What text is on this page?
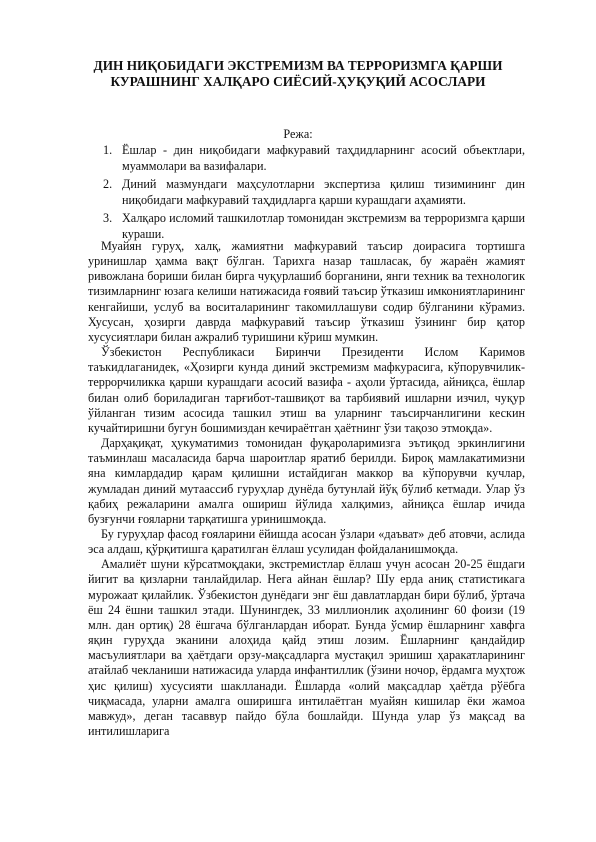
ДИН НИҚОБИДАГИ ЭКСТРЕМИЗМ ВА ТЕРРОРИЗМГА ҚАРШИ КУРАШНИНГ ХАЛҚАРО СИЁСИЙ-ҲУҚУҚИЙ АСОСЛАРИ
Режа:
1. Ёшлар - дин ниқобидаги мафкуравий таҳдидларнинг асосий объектлари, муаммолари ва вазифалари.
2. Диний мазмундаги маҳсулотларни экспертиза қилиш тизимининг дин ниқобидаги мафкуравий таҳдидларга қарши курашдаги аҳамияти.
3. Халқаро исломий ташкилотлар томонидан экстремизм ва терроризмга қарши кураши.

Муайян гуруҳ, халқ, жамиятни мафкуравий таъсир доирасига тортишга уринишлар ҳамма вақт бўлган. Тарихга назар ташласак, бу жараён жамият ривожлана бориши билан бирга чуқурлашиб борганини, янги техник ва технологик тизимларнинг юзага келиши натижасида ғоявий таъсир ўтказиш имкониятларининг кенгайиши, услуб ва воситаларининг такомиллашуви содир бўлганини кўрамиз. Хусусан, ҳозирги даврда мафкуравий таъсир ўтказиш ўзининг бир қатор хусусиятлари билан ажралиб туришини кўриш мумкин.

Ўзбекистон Республикаси Биринчи Президенти Ислом Каримов таъкидлаганидек, «Ҳозирги кунда диний экстремизм мафкурасига, кўпорувчилик-террорчиликка қарши курашдаги асосий вазифа - аҳоли ўртасида, айниқса, ёшлар билан олиб бориладиган тарғибот-ташвиқот ва тарбиявий ишларни изчил, чуқур ўйланган тизим асосида ташкил этиш ва уларнинг таъсирчанлигини кескин кучайтиришни бугун бошимиздан кечираётган ҳаётнинг ўзи тақозо этмоқда».

Дарҳақиқат, ҳукуматимиз томонидан фуқароларимизга эътиқод эркинлигини таъминлаш масаласида барча шароитлар яратиб берилди. Бироқ мамлакатимизни яна кимлардадир қарам қилишни истайдиган маккор ва кўпорувчи кучлар, жумладан диний мутаассиб гуруҳлар дунёда бутунлай йўқ бўлиб кетмади. Улар ўз қабиҳ режаларини амалга ошириш йўлида халқимиз, айниқса ёшлар ичида бузғунчи ғояларни тарқатишга уринишмоқда.

Бу гуруҳлар фасод ғояларини ёйишда асосан ўзлари «даъват» деб атовчи, аслида эса алдаш, қўрқитишга қаратилган ёллаш усулидан фойдаланишмоқда.

Амалиёт шуни кўрсатмоқдаки, экстремистлар ёллаш учун асосан 20-25 ёшдаги йигит ва қизларни танлайдилар. Нега айнан ёшлар? Шу ерда аниқ статистикага мурожаат қилайлик. Ўзбекистон дунёдаги энг ёш давлатлардан бири бўлиб, ўртача ёш 24 ёшни ташкил этади. Шунингдек, 33 миллионлик аҳолининг 60 фоизи (19 млн. дан ортиқ) 28 ёшгача бўлганлардан иборат. Бунда ўсмир ёшларнинг хавфга яқин гуруҳда эканини алоҳида қайд этиш лозим. Ёшларнинг қандайдир масъулиятлари ва ҳаётдаги орзу-мақсадларга мустақил эришиш ҳаракатларининг атайлаб чекланиши натижасида уларда инфантиллик (ўзини ночор, ёрдамга муҳтож ҳис қилиш) хусусияти шаклланади. Ёшларда «олий мақсадлар ҳаётда рўёбга чиқмасада, уларни амалга оширишга интилаётган муайян кишилар ёки жамоа мавжуд», деган тасаввур пайдо бўла бошлайди. Шунда улар ўз мақсад ва интилишларига
